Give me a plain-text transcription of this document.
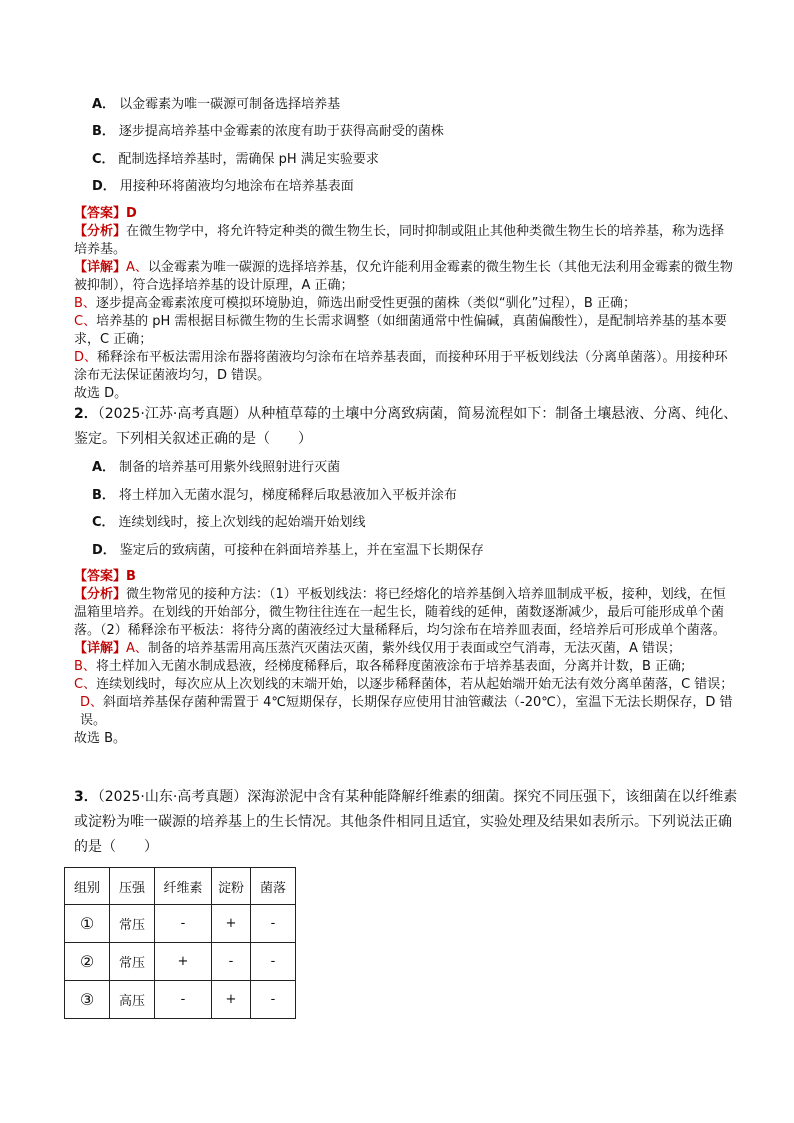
A． 以金霉素为唯一碳源可制备选择培养基
B． 逐步提高培养基中金霉素的浓度有助于获得高耐受的菌株
C． 配制选择培养基时，需确保 pH 满足实验要求
D． 用接种环将菌液均匀地涂布在培养基表面
【答案】D
【分析】在微生物学中，将允许特定种类的微生物生长，同时抑制或阻止其他种类微生物生长的培养基，称为选择培养基。
【详解】A、以金霉素为唯一碳源的选择培养基，仅允许能利用金霉素的微生物生长（其他无法利用金霉素的微生物被抑制），符合选择培养基的设计原理，A 正确；
B、逐步提高金霉素浓度可模拟环境胁迫，筛选出耐受性更强的菌株（类似“驯化”过程），B 正确；
C、培养基的 pH 需根据目标微生物的生长需求调整（如细菌通常中性偏碱，真菌偏酸性），是配制培养基的基本要求，C 正确；
D、稀释涂布平板法需用涂布器将菌液均匀涂布在培养基表面，而接种环用于平板划线法（分离单菌落）。用接种环涂布无法保证菌液均匀，D 错误。
故选 D。
2．（2025·江苏·高考真题）从种植草莓的土壤中分离致病菌，简易流程如下：制备土壤悬液、分离、纯化、鉴定。下列相关叙述正确的是（　　）
A． 制备的培养基可用紫外线照射进行灭菌
B． 将土样加入无菌水混匀，梯度稀释后取悬液加入平板并涂布
C． 连续划线时，接上次划线的起始端开始划线
D． 鉴定后的致病菌，可接种在斜面培养基上，并在室温下长期保存
【答案】B
【分析】微生物常见的接种方法：（1）平板划线法：将已经熔化的培养基倒入培养皿制成平板，接种，划线，在恒温箱里培养。在划线的开始部分，微生物往往连在一起生长，随着线的延伸，菌数逐渐减少，最后可能形成单个菌落。（2）稀释涂布平板法：将待分离的菌液经过大量稀释后，均匀涂布在培养皿表面，经培养后可形成单个菌落。
【详解】A、制备的培养基需用高压蒸汽灭菌法灭菌，紫外线仅用于表面或空气消毒，无法灭菌，A 错误；
B、将土样加入无菌水制成悬液，经梯度稀释后，取各稀释度菌液涂布于培养基表面，分离并计数，B 正确;
C、连续划线时，每次应从上次划线的末端开始，以逐步稀释菌体，若从起始端开始无法有效分离单菌落，C 错误；
D、斜面培养基保存菌种需置于 4℃短期保存，长期保存应使用甘油管藏法（-20℃），室温下无法长期保存，D 错误。
故选 B。
3．（2025·山东·高考真题）深海淤泥中含有某种能降解纤维素的细菌。探究不同压强下，该细菌在以纤维素或淀粉为唯一碳源的培养基上的生长情况。其他条件相同且适宜，实验处理及结果如表所示。下列说法正确的是（　　）
组别	压强	纤维素	淀粉	菌落
①	常压	-	+	-
②	常压	+	-	-
③	高压	-	+	-
